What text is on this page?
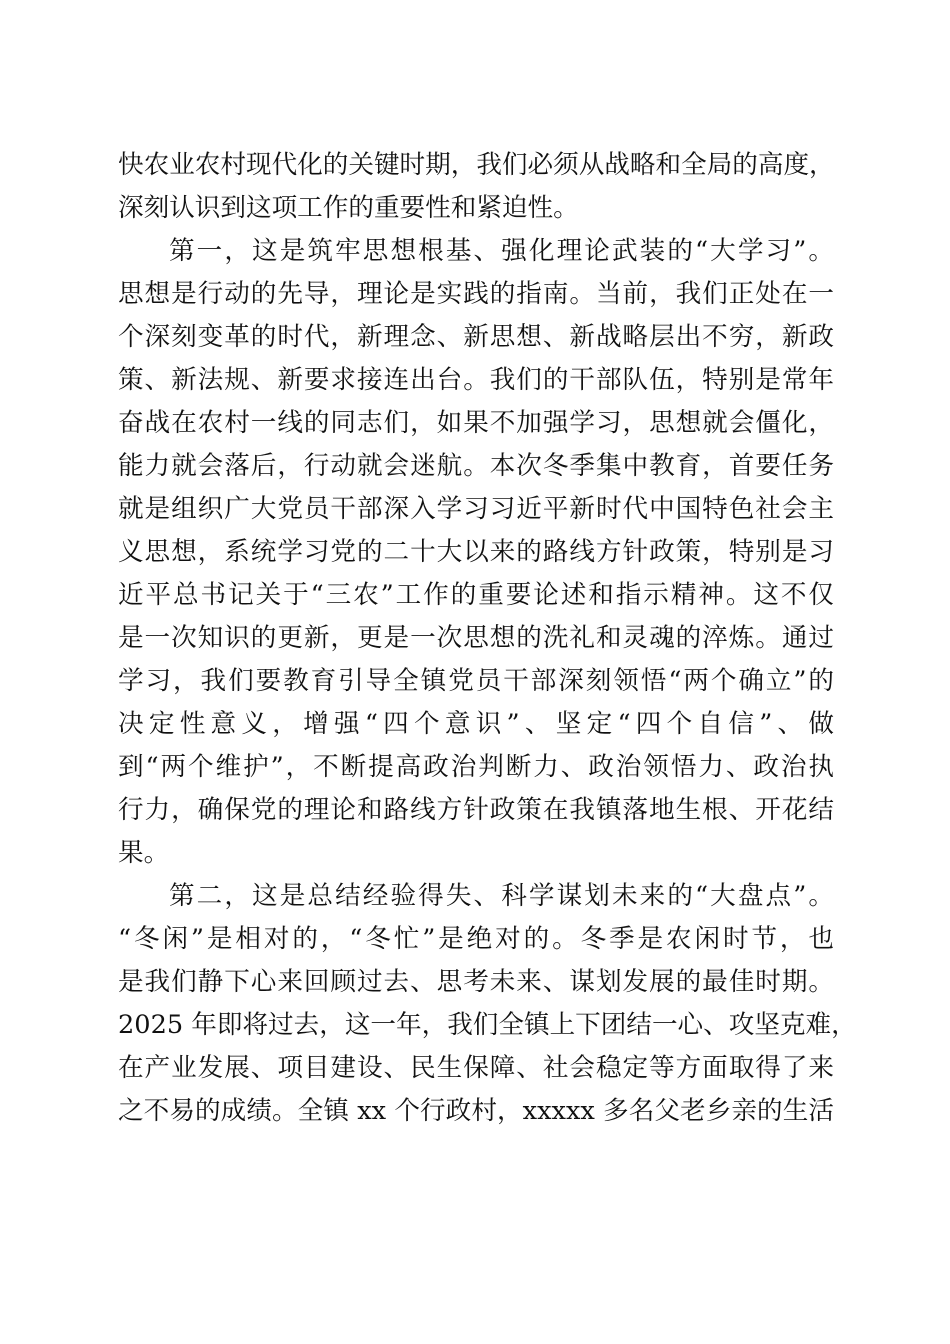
快农业农村现代化的关键时期，我们必须从战略和全局的高度，
深刻认识到这项工作的重要性和紧迫性。
第一，这是筑牢思想根基、强化理论武装的“大学习”。
思想是行动的先导，理论是实践的指南。当前，我们正处在一
个深刻变革的时代，新理念、新思想、新战略层出不穷，新政
策、新法规、新要求接连出台。我们的干部队伍，特别是常年
奋战在农村一线的同志们，如果不加强学习，思想就会僵化，
能力就会落后，行动就会迷航。本次冬季集中教育，首要任务
就是组织广大党员干部深入学习习近平新时代中国特色社会主
义思想，系统学习党的二十大以来的路线方针政策，特别是习
近平总书记关于“三农”工作的重要论述和指示精神。这不仅
是一次知识的更新，更是一次思想的洗礼和灵魂的淬炼。通过
学习，我们要教育引导全镇党员干部深刻领悟“两个确立”的
决定性意义，增强“四个意识”、坚定“四个自信”、做
到“两个维护”，不断提高政治判断力、政治领悟力、政治执
行力，确保党的理论和路线方针政策在我镇落地生根、开花结
果。
第二，这是总结经验得失、科学谋划未来的“大盘点”。
“冬闲”是相对的，“冬忙”是绝对的。冬季是农闲时节，也
是我们静下心来回顾过去、思考未来、谋划发展的最佳时期。
2025 年即将过去，这一年，我们全镇上下团结一心、攻坚克难，
在产业发展、项目建设、民生保障、社会稳定等方面取得了来
之不易的成绩。全镇 xx 个行政村，xxxxx 多名父老乡亲的生活
